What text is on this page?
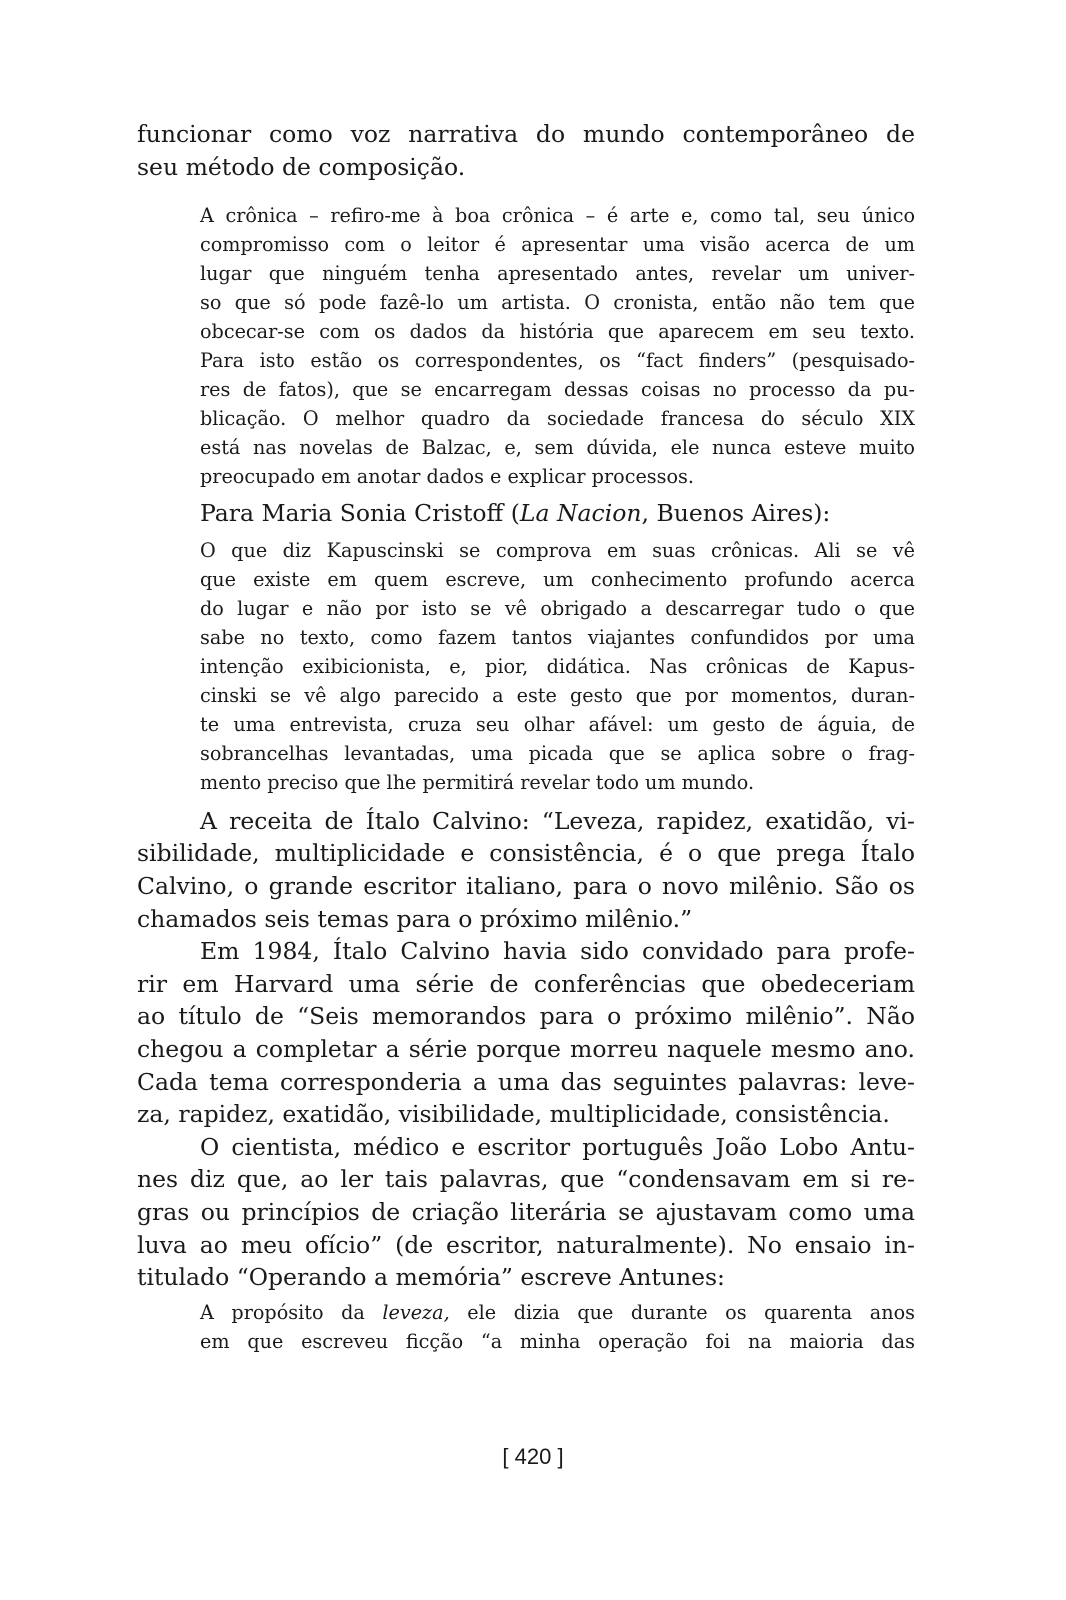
funcionar como voz narrativa do mundo contemporâneo de
seu método de composição.

A crônica – refiro-me à boa crônica – é arte e, como tal, seu único
compromisso com o leitor é apresentar uma visão acerca de um
lugar que ninguém tenha apresentado antes, revelar um univer-
so que só pode fazê-lo um artista. O cronista, então não tem que
obcecar-se com os dados da história que aparecem em seu texto.
Para isto estão os correspondentes, os “fact finders” (pesquisado-
res de fatos), que se encarregam dessas coisas no processo da pu-
blicação. O melhor quadro da sociedade francesa do século XIX
está nas novelas de Balzac, e, sem dúvida, ele nunca esteve muito
preocupado em anotar dados e explicar processos.

Para Maria Sonia Cristoff (La Nacion, Buenos Aires):

O que diz Kapuscinski se comprova em suas crônicas. Ali se vê
que existe em quem escreve, um conhecimento profundo acerca
do lugar e não por isto se vê obrigado a descarregar tudo o que
sabe no texto, como fazem tantos viajantes confundidos por uma
intenção exibicionista, e, pior, didática. Nas crônicas de Kapus-
cinski se vê algo parecido a este gesto que por momentos, duran-
te uma entrevista, cruza seu olhar afável: um gesto de águia, de
sobrancelhas levantadas, uma picada que se aplica sobre o frag-
mento preciso que lhe permitirá revelar todo um mundo.

A receita de Ítalo Calvino: “Leveza, rapidez, exatidão, vi-
sibilidade, multiplicidade e consistência, é o que prega Ítalo
Calvino, o grande escritor italiano, para o novo milênio. São os
chamados seis temas para o próximo milênio.”

Em 1984, Ítalo Calvino havia sido convidado para profe-
rir em Harvard uma série de conferências que obedeceriam
ao título de “Seis memorandos para o próximo milênio”. Não
chegou a completar a série porque morreu naquele mesmo ano.
Cada tema corresponderia a uma das seguintes palavras: leve-
za, rapidez, exatidão, visibilidade, multiplicidade, consistência.

O cientista, médico e escritor português João Lobo Antu-
nes diz que, ao ler tais palavras, que “condensavam em si re-
gras ou princípios de criação literária se ajustavam como uma
luva ao meu ofício” (de escritor, naturalmente). No ensaio in-
titulado “Operando a memória” escreve Antunes:

A propósito da leveza, ele dizia que durante os quarenta anos
em que escreveu ficção “a minha operação foi na maioria das

[ 420 ]
